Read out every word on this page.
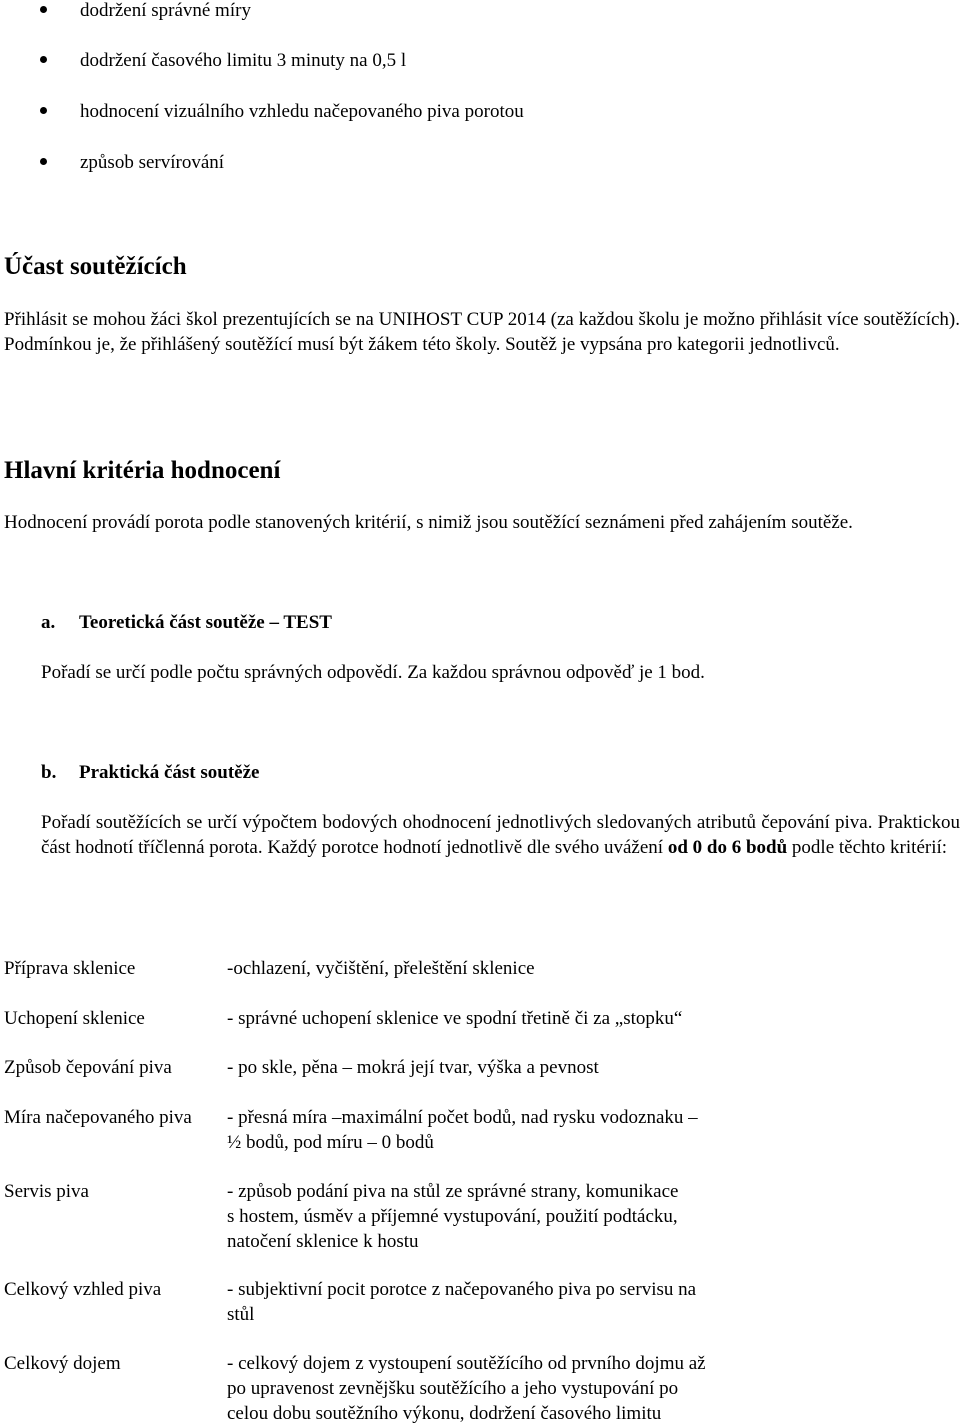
dodržení správné míry
dodržení časového limitu 3 minuty na 0,5 l
hodnocení vizuálního vzhledu načepovaného piva porotou
způsob servírování
Účast soutěžících
Přihlásit se mohou žáci škol prezentujících se na UNIHOST CUP 2014 (za každou školu je možno přihlásit více soutěžících). Podmínkou je, že přihlášený soutěžící musí být žákem této školy. Soutěž je vypsána pro kategorii jednotlivců.
Hlavní kritéria hodnocení
Hodnocení provádí porota podle stanovených kritérií, s nimiž jsou soutěžící seznámeni před zahájením soutěže.
a. Teoretická část soutěže – TEST
Pořadí se určí podle počtu správných odpovědí. Za každou správnou odpověď je 1 bod.
b. Praktická část soutěže
Pořadí soutěžících se určí výpočtem bodových ohodnocení jednotlivých sledovaných atributů čepování piva. Praktickou část hodnotí tříčlenná porota. Každý porotce hodnotí jednotlivě dle svého uvážení od 0 do 6 bodů podle těchto kritérií:
Příprava sklenice	-ochlazení, vyčištění, přeleštění sklenice
Uchopení sklenice	- správné uchopení sklenice ve spodní třetině či za „stopku“
Způsob čepování piva	- po skle, pěna – mokrá její tvar, výška a pevnost
Míra načepovaného piva - přesná míra –maximální počet bodů, nad rysku vodoznaku –
½ bodů, pod míru – 0 bodů
Servis piva	- způsob podání piva na stůl ze správné strany, komunikace
s hostem, úsměv a příjemné vystupování, použití podtácku,
natočení sklenice k hostu
Celkový vzhled piva	- subjektivní pocit porotce z načepovaného piva po servisu na
stůl
Celkový dojem	- celkový dojem z vystoupení soutěžícího od prvního dojmu až
po upravenost zevnějšku soutěžícího a jeho vystupování po
celou dobu soutěžního výkonu, dodržení časového limitu
